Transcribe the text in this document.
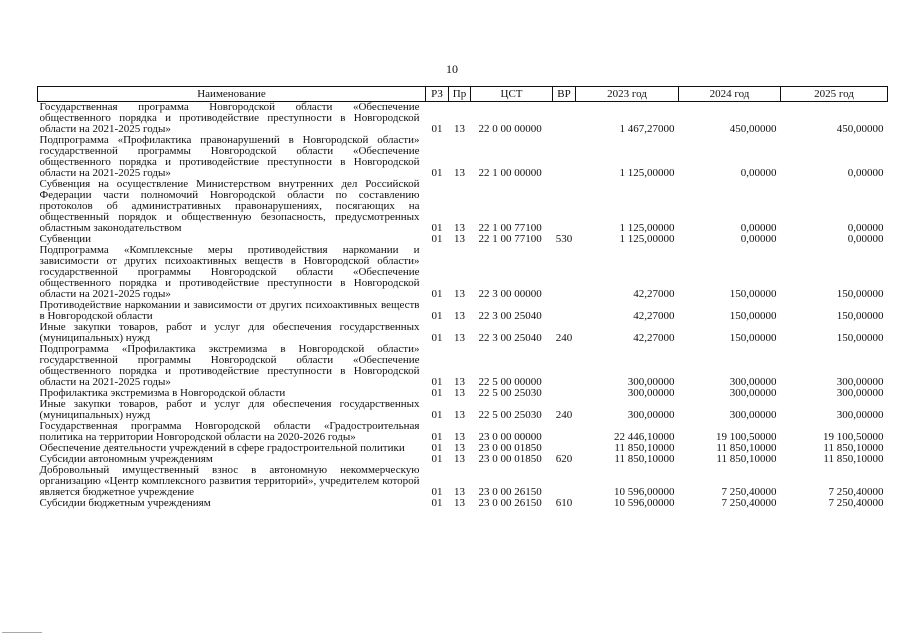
10
Наименование	РЗ	Пр	ЦСТ	ВР	2023 год	2024 год	2025 год
Государственная программа Новгородской области «Обеспечение общественного порядка и противодействие преступности в Новгородской области на 2021-2025 годы»	01	13	22 0 00 00000		1 467,27000	450,00000	450,00000
Подпрограмма «Профилактика правонарушений в Новгородской области» государственной программы Новгородской области «Обеспечение общественного порядка и противодействие преступности в Новгородской области на 2021-2025 годы»	01	13	22 1 00 00000		1 125,00000	0,00000	0,00000
Субвенция на осуществление Министерством внутренних дел Российской Федерации части полномочий Новгородской области по составлению протоколов об административных правонарушениях, посягающих на общественный порядок и общественную безопасность, предусмотренных областным законодательством	01	13	22 1 00 77100		1 125,00000	0,00000	0,00000
Субвенции	01	13	22 1 00 77100	530	1 125,00000	0,00000	0,00000
Подпрограмма «Комплексные меры противодействия наркомании и зависимости от других психоактивных веществ в Новгородской области» государственной программы Новгородской области «Обеспечение общественного порядка и противодействие преступности в Новгородской области на 2021-2025 годы»	01	13	22 3 00 00000		42,27000	150,00000	150,00000
Противодействие наркомании и зависимости от других психоактивных веществ в Новгородской области	01	13	22 3 00 25040		42,27000	150,00000	150,00000
Иные закупки товаров, работ и услуг для обеспечения государственных (муниципальных) нужд	01	13	22 3 00 25040	240	42,27000	150,00000	150,00000
Подпрограмма «Профилактика экстремизма в Новгородской области» государственной программы Новгородской области «Обеспечение общественного порядка и противодействие преступности в Новгородской области на 2021-2025 годы»	01	13	22 5 00 00000		300,00000	300,00000	300,00000
Профилактика экстремизма в Новгородской области	01	13	22 5 00 25030		300,00000	300,00000	300,00000
Иные закупки товаров, работ и услуг для обеспечения государственных (муниципальных) нужд	01	13	22 5 00 25030	240	300,00000	300,00000	300,00000
Государственная программа Новгородской области «Градостроительная политика на территории Новгородской области на 2020-2026 годы»	01	13	23 0 00 00000		22 446,10000	19 100,50000	19 100,50000
Обеспечение деятельности учреждений в сфере градостроительной политики	01	13	23 0 00 01850		11 850,10000	11 850,10000	11 850,10000
Субсидии автономным учреждениям	01	13	23 0 00 01850	620	11 850,10000	11 850,10000	11 850,10000
Добровольный имущественный взнос в автономную некоммерческую организацию «Центр комплексного развития территорий», учредителем которой является бюджетное учреждение	01	13	23 0 00 26150		10 596,00000	7 250,40000	7 250,40000
Субсидии бюджетным учреждениям	01	13	23 0 00 26150	610	10 596,00000	7 250,40000	7 250,40000
